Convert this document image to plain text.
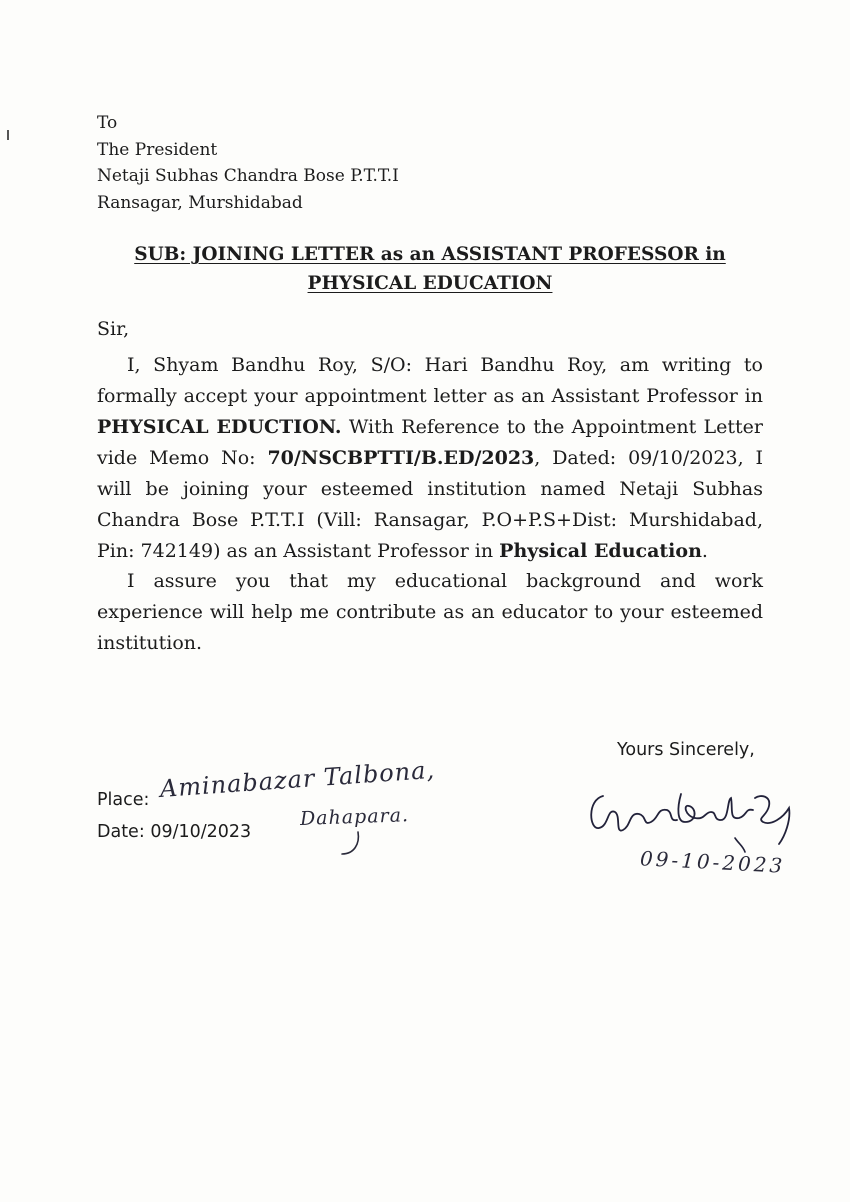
To
The President
Netaji Subhas Chandra Bose P.T.T.I
Ransagar, Murshidabad
SUB: JOINING LETTER as an ASSISTANT PROFESSOR in
PHYSICAL EDUCATION
Sir,
I, Shyam Bandhu Roy, S/O: Hari Bandhu Roy, am writing to formally accept your appointment letter as an Assistant Professor in PHYSICAL EDUCTION. With Reference to the Appointment Letter vide Memo No: 70/NSCBPTTI/B.ED/2023, Dated: 09/10/2023, I will be joining your esteemed institution named Netaji Subhas Chandra Bose P.T.T.I (Vill: Ransagar, P.O+P.S+Dist: Murshidabad, Pin: 742149) as an Assistant Professor in Physical Education.
I assure you that my educational background and work experience will help me contribute as an educator to your esteemed institution.
Yours Sincerely,
Place: Aminabazar Talbona,
Dahapara.
Date: 09/10/2023
09-10-2023
